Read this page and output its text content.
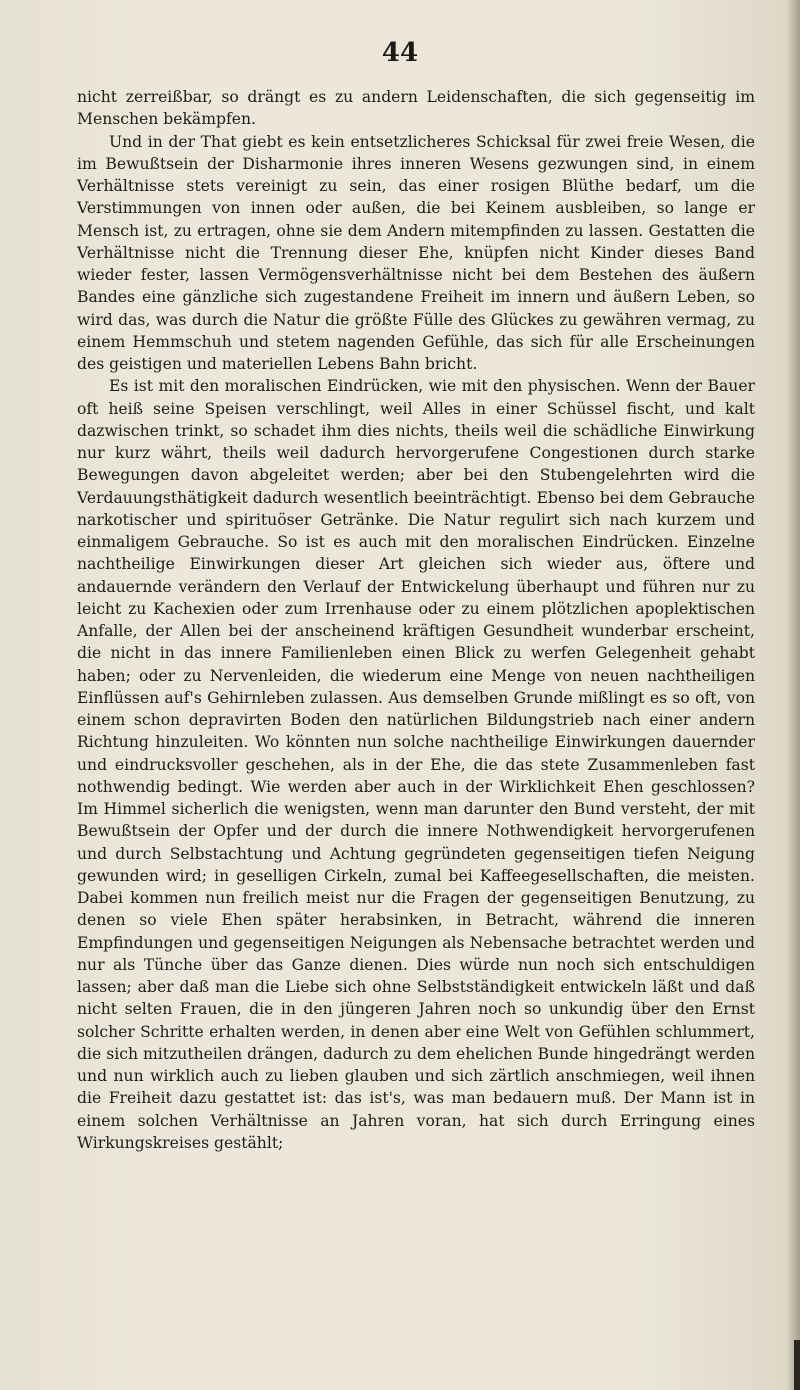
44

nicht zerreißbar, so drängt es zu andern Leidenschaften, die sich gegenseitig im Menschen bekämpfen.

Und in der That giebt es kein entsetzlicheres Schicksal für zwei freie Wesen, die im Bewußtsein der Disharmonie ihres inneren Wesens gezwungen sind, in einem Verhältnisse stets vereinigt zu sein, das einer rosigen Blüthe bedarf, um die Verstimmungen von innen oder außen, die bei Keinem ausbleiben, so lange er Mensch ist, zu ertragen, ohne sie dem Andern mitempfinden zu lassen. Gestatten die Verhältnisse nicht die Trennung dieser Ehe, knüpfen nicht Kinder dieses Band wieder fester, lassen Vermögensverhältnisse nicht bei dem Bestehen des äußern Bandes eine gänzliche sich zugestandene Freiheit im innern und äußern Leben, so wird das, was durch die Natur die größte Fülle des Glückes zu gewähren vermag, zu einem Hemmschuh und stetem nagenden Gefühle, das sich für alle Erscheinungen des geistigen und materiellen Lebens Bahn bricht.

Es ist mit den moralischen Eindrücken, wie mit den physischen. Wenn der Bauer oft heiß seine Speisen verschlingt, weil Alles in einer Schüssel fischt, und kalt dazwischen trinkt, so schadet ihm dies nichts, theils weil die schädliche Einwirkung nur kurz währt, theils weil dadurch hervorgerufene Congestionen durch starke Bewegungen davon abgeleitet werden; aber bei den Stubengelehrten wird die Verdauungsthätigkeit dadurch wesentlich beeinträchtigt. Ebenso bei dem Gebrauche narkotischer und spirituöser Getränke. Die Natur regulirt sich nach kurzem und einmaligem Gebrauche. So ist es auch mit den moralischen Eindrücken. Einzelne nachtheilige Einwirkungen dieser Art gleichen sich wieder aus, öftere und andauernde verändern den Verlauf der Entwickelung überhaupt und führen nur zu leicht zu Kachexien oder zum Irrenhause oder zu einem plötzlichen apoplektischen Anfalle, der Allen bei der anscheinend kräftigen Gesundheit wunderbar erscheint, die nicht in das innere Familienleben einen Blick zu werfen Gelegenheit gehabt haben; oder zu Nervenleiden, die wiederum eine Menge von neuen nachtheiligen Einflüssen auf's Gehirnleben zulassen. Aus demselben Grunde mißlingt es so oft, von einem schon depravirten Boden den natürlichen Bildungstrieb nach einer andern Richtung hinzuleiten. Wo könnten nun solche nachtheilige Einwirkungen dauernder und eindrucksvoller geschehen, als in der Ehe, die das stete Zusammenleben fast nothwendig bedingt. Wie werden aber auch in der Wirklichkeit Ehen geschlossen? Im Himmel sicherlich die wenigsten, wenn man darunter den Bund versteht, der mit Bewußtsein der Opfer und der durch die innere Nothwendigkeit hervorgerufenen und durch Selbstachtung und Achtung gegründeten gegenseitigen tiefen Neigung gewunden wird; in geselligen Cirkeln, zumal bei Kaffeegesellschaften, die meisten. Dabei kommen nun freilich meist nur die Fragen der gegenseitigen Benutzung, zu denen so viele Ehen später herabsinken, in Betracht, während die inneren Empfindungen und gegenseitigen Neigungen als Nebensache betrachtet werden und nur als Tünche über das Ganze dienen. Dies würde nun noch sich entschuldigen lassen; aber daß man die Liebe sich ohne Selbstständigkeit entwickeln läßt und daß nicht selten Frauen, die in den jüngeren Jahren noch so unkundig über den Ernst solcher Schritte erhalten werden, in denen aber eine Welt von Gefühlen schlummert, die sich mitzutheilen drängen, dadurch zu dem ehelichen Bunde hingedrängt werden und nun wirklich auch zu lieben glauben und sich zärtlich anschmiegen, weil ihnen die Freiheit dazu gestattet ist: das ist's, was man bedauern muß. Der Mann ist in einem solchen Verhältnisse an Jahren voran, hat sich durch Erringung eines Wirkungskreises gestählt;
